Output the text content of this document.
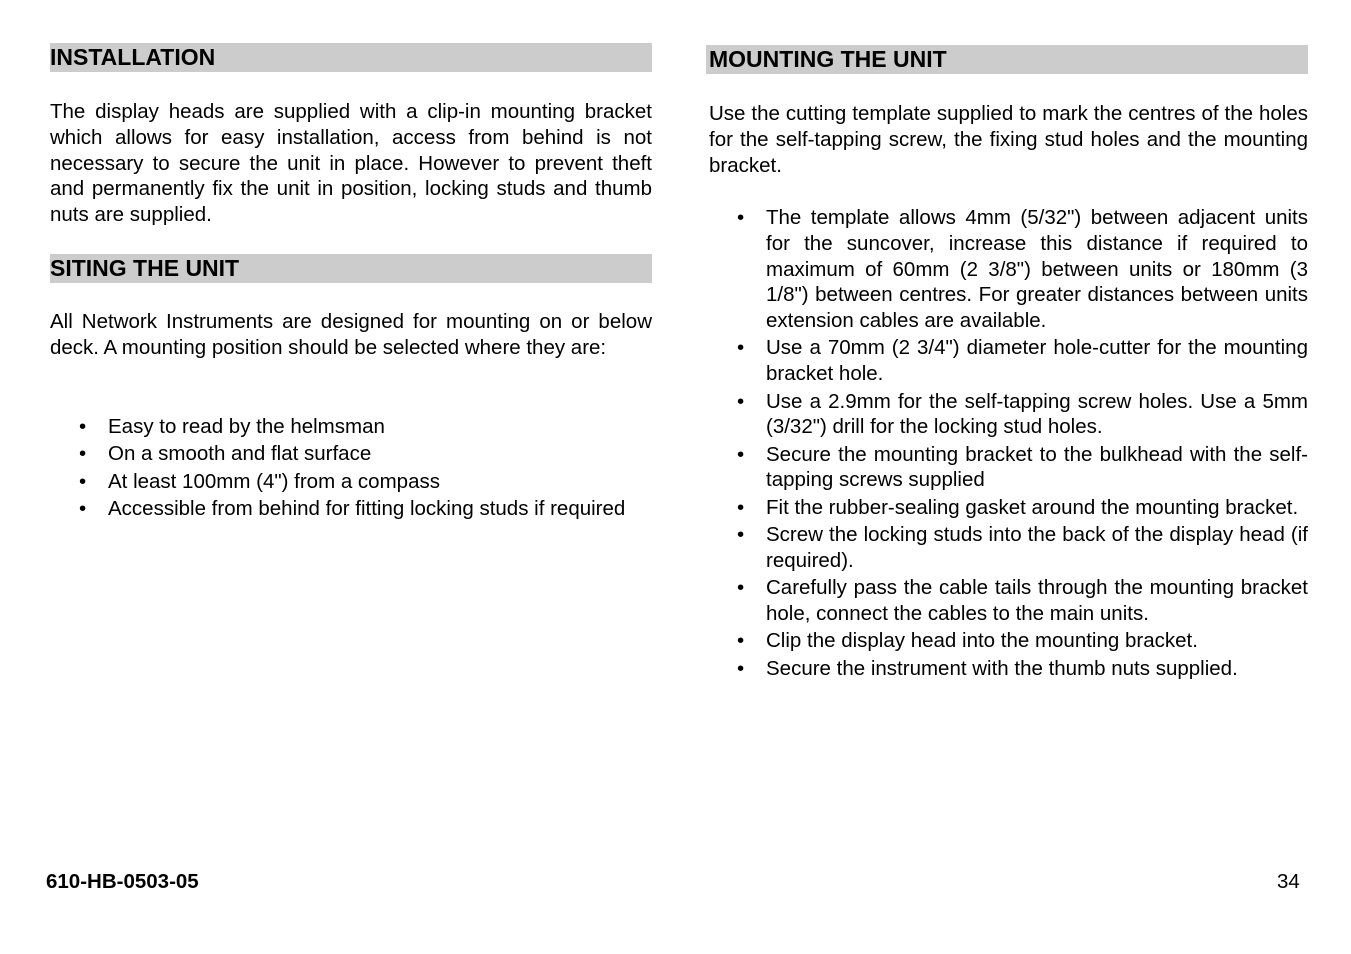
INSTALLATION

The display heads are supplied with a clip-in mounting bracket which allows for easy installation, access from behind is not necessary to secure the unit in place. However to prevent theft and permanently fix the unit in position, locking studs and thumb nuts are supplied.

SITING THE UNIT

All Network Instruments are designed for mounting on or below deck. A mounting position should be selected where they are:

•	Easy to read by the helmsman
•	On a smooth and flat surface
•	At least 100mm (4") from a compass
•	Accessible from behind for fitting locking studs if required
MOUNTING THE UNIT

Use the cutting template supplied to mark the centres of the holes for the self-tapping screw, the fixing stud holes and the mounting bracket.

•	The template allows 4mm (5/32") between adjacent units for the suncover, increase this distance if required to maximum of 60mm (2 3/8") between units or 180mm (3 1/8") between centres. For greater distances between units extension cables are available.
•	Use a 70mm (2 3/4") diameter hole-cutter for the mounting bracket hole.
•	Use a 2.9mm for the self-tapping screw holes. Use a 5mm (3/32") drill for the locking stud holes.
•	Secure the mounting bracket to the bulkhead with the self-tapping screws supplied
•	Fit the rubber-sealing gasket around the mounting bracket.
•	Screw the locking studs into the back of the display head (if required).
•	Carefully pass the cable tails through the mounting bracket hole, connect the cables to the main units.
•	Clip the display head into the mounting bracket.
•	Secure the instrument with the thumb nuts supplied.
610-HB-0503-05	34
